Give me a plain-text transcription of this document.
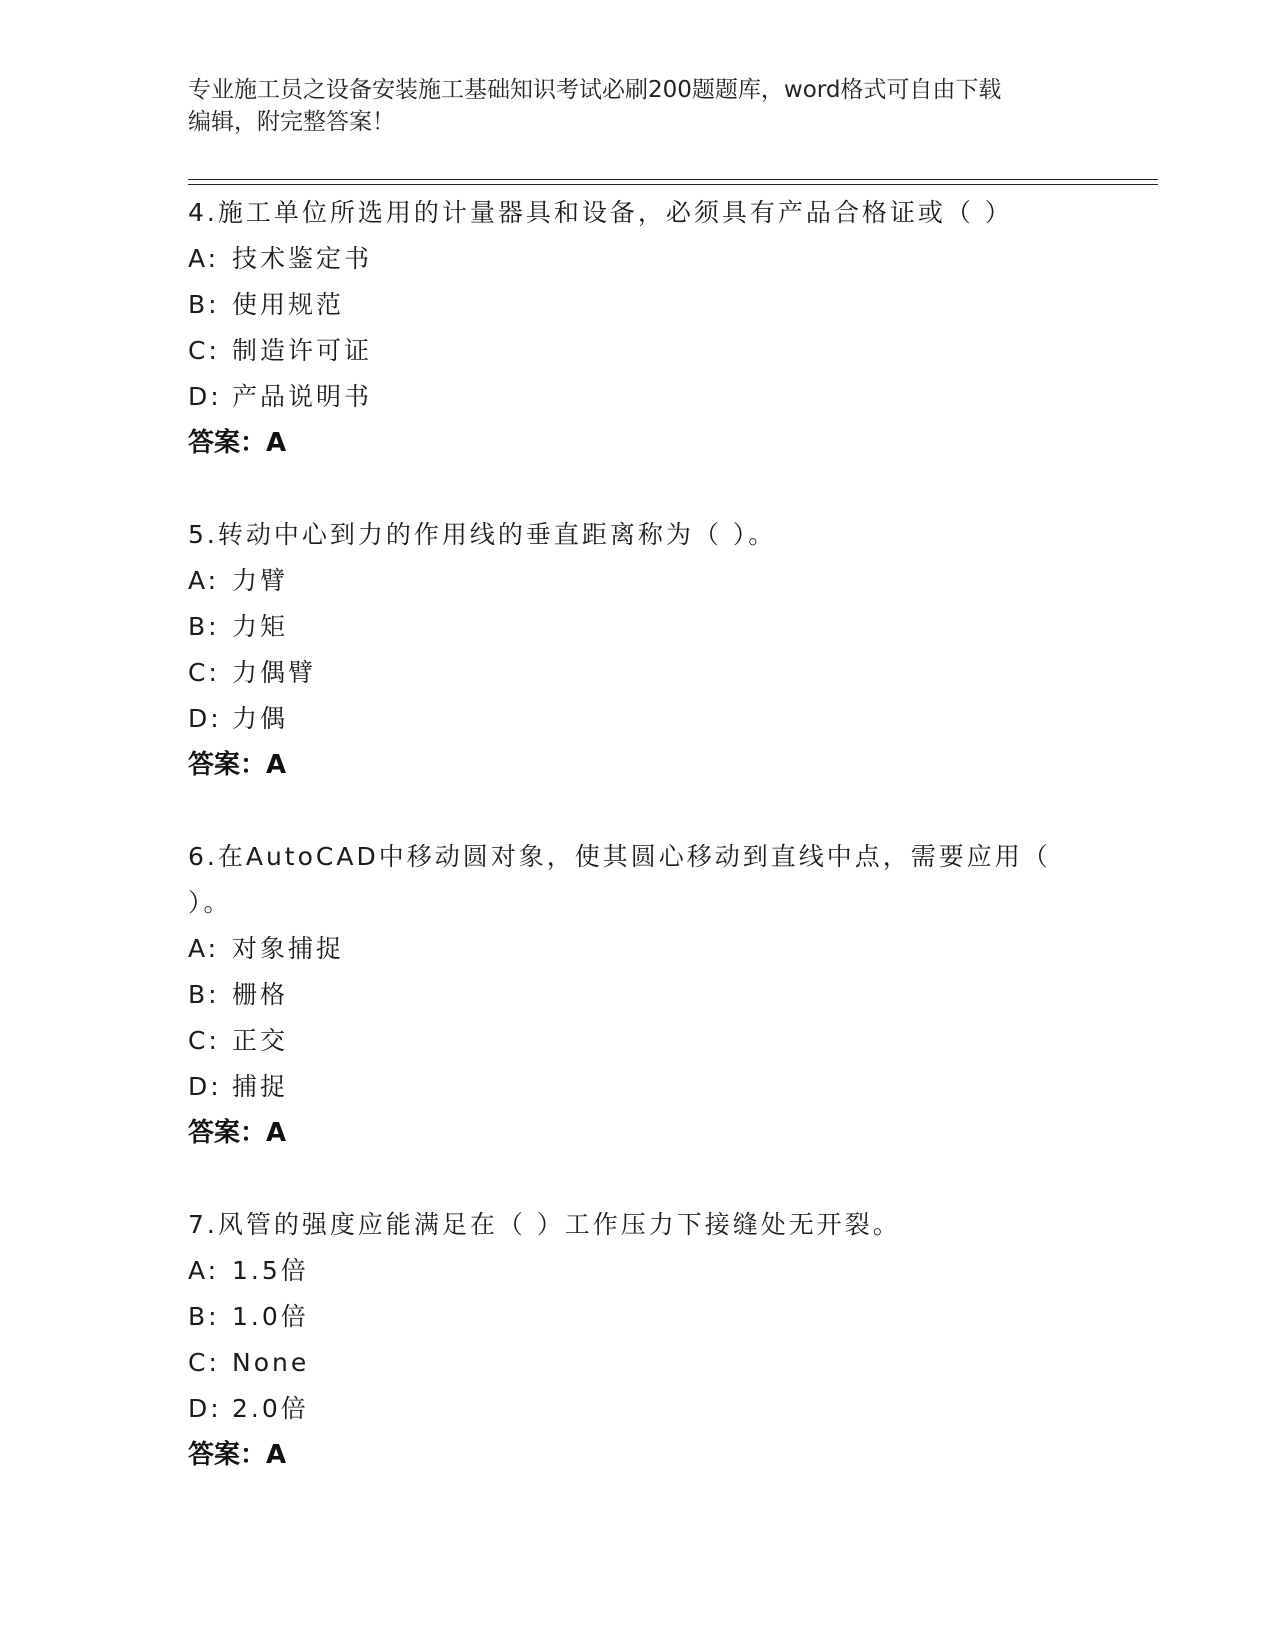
专业施工员之设备安装施工基础知识考试必刷200题题库，word格式可自由下载
编辑，附完整答案！
4.施工单位所选用的计量器具和设备，必须具有产品合格证或（ ）
A: 技术鉴定书
B: 使用规范
C: 制造许可证
D: 产品说明书
答案：A
5.转动中心到力的作用线的垂直距离称为（ ）。
A: 力臂
B: 力矩
C: 力偶臂
D: 力偶
答案：A
6.在AutoCAD中移动圆对象，使其圆心移动到直线中点，需要应用（
）。
A: 对象捕捉
B: 栅格
C: 正交
D: 捕捉
答案：A
7.风管的强度应能满足在（ ）工作压力下接缝处无开裂。
A: 1.5倍
B: 1.0倍
C: None
D: 2.0倍
答案：A
